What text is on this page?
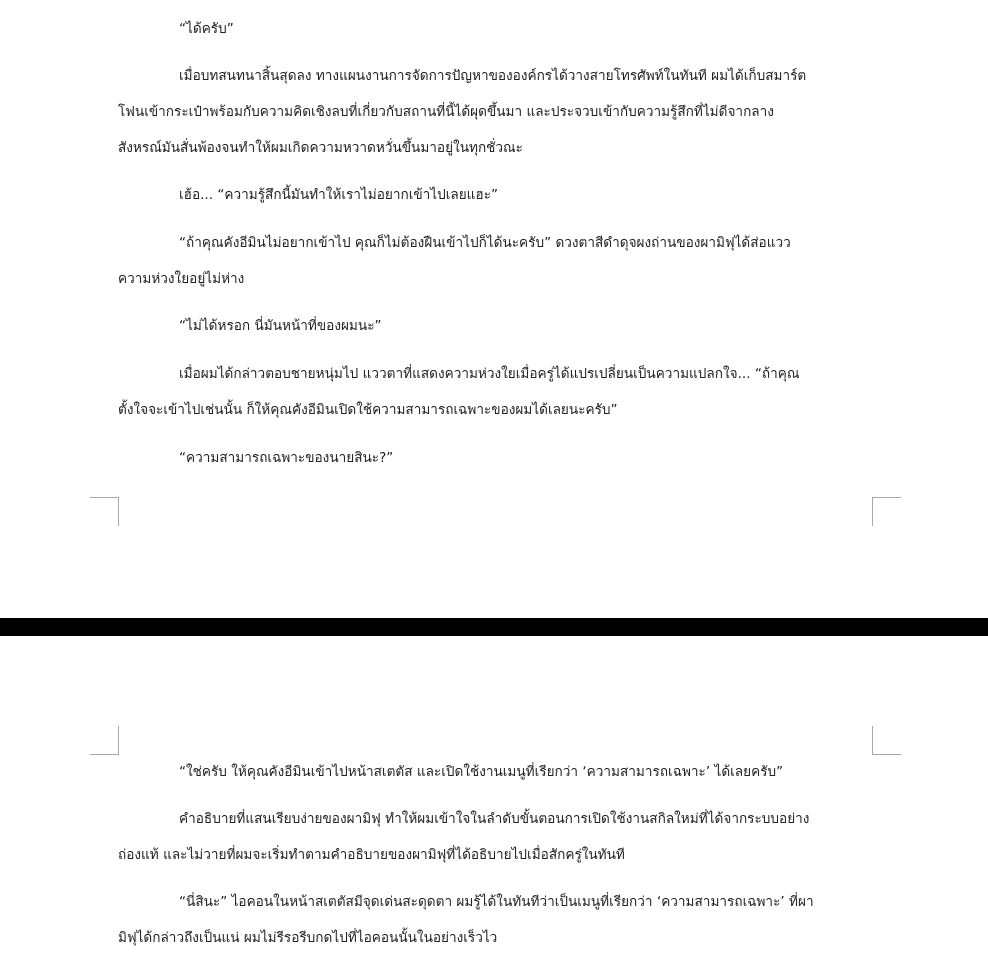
“ได้ครับ”
เมื่อบทสนทนาสิ้นสุดลง ทางแผนงานการจัดการปัญหาขององค์กรได้วางสายโทรศัพท์ในทันที ผมได้เก็บสมาร์ต
โฟนเข้ากระเป๋าพร้อมกับความคิดเชิงลบที่เกี่ยวกับสถานที่นี้ได้ผุดขึ้นมา และประจวบเข้ากับความรู้สึกที่ไม่ดีจากลาง
สังหรณ์มันสั่นพ้องจนทำให้ผมเกิดความหวาดหวั่นขึ้นมาอยู่ในทุกชั่วณะ
เฮ้อ... “ความรู้สึกนี้มันทำให้เราไม่อยากเข้าไปเลยแฮะ”
“ถ้าคุณคังอีมินไม่อยากเข้าไป คุณก็ไม่ต้องฝืนเข้าไปก็ได้นะครับ” ดวงตาสีดำดุจผงถ่านของผามิฟุได้ส่อแวว
ความห่วงใยอยู่ไม่ห่าง
“ไม่ได้หรอก นี่มันหน้าที่ของผมนะ”
เมื่อผมได้กล่าวตอบชายหนุ่มไป แววตาที่แสดงความห่วงใยเมื่อครู่ได้แปรเปลี่ยนเป็นความแปลกใจ... “ถ้าคุณ
ตั้งใจจะเข้าไปเช่นนั้น ก็ให้คุณคังอีมินเปิดใช้ความสามารถเฉพาะของผมได้เลยนะครับ”
“ความสามารถเฉพาะของนายสินะ?”
“ใช่ครับ ให้คุณคังอีมินเข้าไปหน้าสเตตัส และเปิดใช้งานเมนูที่เรียกว่า ‘ความสามารถเฉพาะ’ ได้เลยครับ”
คำอธิบายที่แสนเรียบง่ายของผามิฟุ ทำให้ผมเข้าใจในลำดับขั้นตอนการเปิดใช้งานสกิลใหม่ที่ได้จากระบบอย่าง
ถ่องแท้ และไม่วายที่ผมจะเริ่มทำตามคำอธิบายของผามิฟุที่ได้อธิบายไปเมื่อสักครู่ในทันที
“นี่สินะ” ไอคอนในหน้าสเตตัสมีจุดเด่นสะดุดตา ผมรู้ได้ในทันทีว่าเป็นเมนูที่เรียกว่า ‘ความสามารถเฉพาะ’ ที่ผา
มิฟุได้กล่าวถึงเป็นแน่ ผมไม่รีรอรีบกดไปที่ไอคอนนั้นในอย่างเร็วไว
